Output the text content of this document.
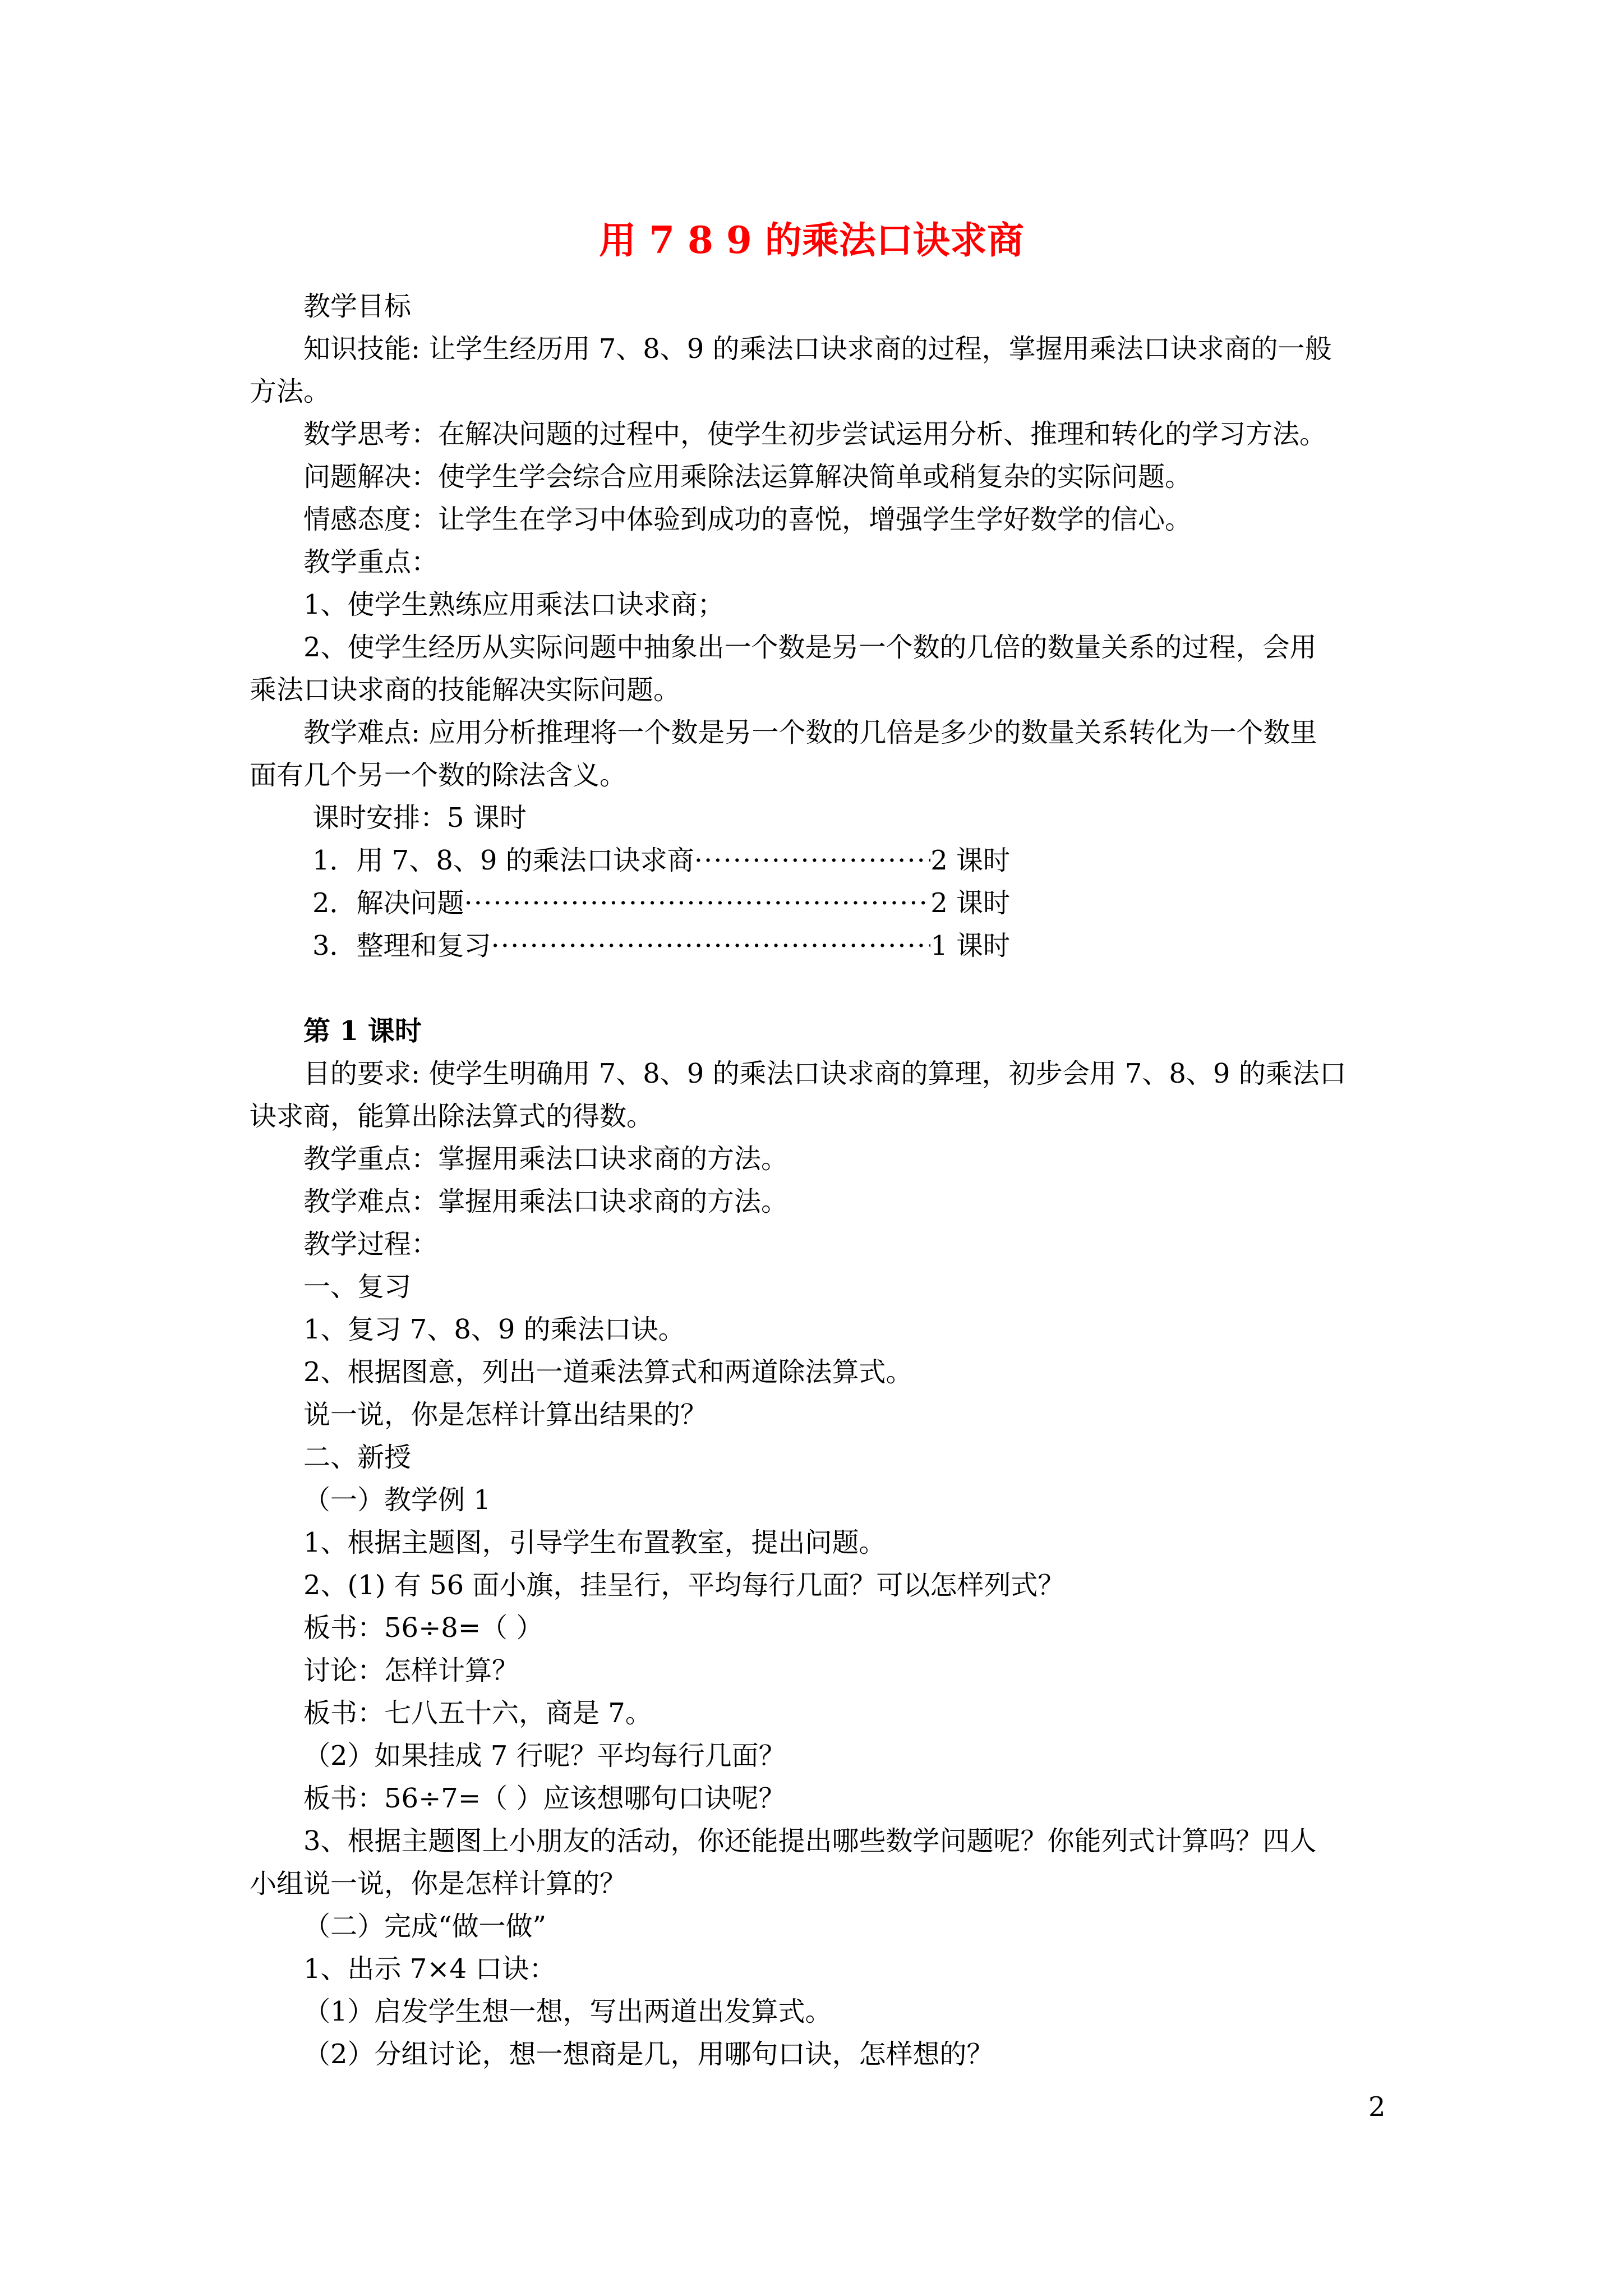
用 7 8 9 的乘法口诀求商
教学目标
知识技能: 让学生经历用 7、8、9 的乘法口诀求商的过程，掌握用乘法口诀求商的一般
方法。
数学思考：在解决问题的过程中，使学生初步尝试运用分析、推理和转化的学习方法。
问题解决：使学生学会综合应用乘除法运算解决简单或稍复杂的实际问题。
情感态度：让学生在学习中体验到成功的喜悦，增强学生学好数学的信心。
教学重点：
1、使学生熟练应用乘法口诀求商；
2、使学生经历从实际问题中抽象出一个数是另一个数的几倍的数量关系的过程，会用
乘法口诀求商的技能解决实际问题。
教学难点: 应用分析推理将一个数是另一个数的几倍是多少的数量关系转化为一个数里
面有几个另一个数的除法含义。
课时安排：5 课时
1．用 7、8、9 的乘法口诀求商 ·····	2 课时
2．解决问题 ·····	2 课时
3．整理和复习 ·····	1 课时
第 1 课时
目的要求: 使学生明确用 7、8、9 的乘法口诀求商的算理，初步会用 7、8、9 的乘法口
诀求商，能算出除法算式的得数。
教学重点：掌握用乘法口诀求商的方法。
教学难点：掌握用乘法口诀求商的方法。
教学过程：
一、复习
1、复习 7、8、9 的乘法口诀。
2、根据图意，列出一道乘法算式和两道除法算式。
说一说，你是怎样计算出结果的？
二、新授
（一）教学例 1
1、根据主题图，引导学生布置教室，提出问题。
2、(1) 有 56 面小旗，挂呈行，平均每行几面？可以怎样列式？
板书：56÷8=（ ）
讨论：怎样计算？
板书：七八五十六，商是 7。
（2）如果挂成 7 行呢？平均每行几面？
板书：56÷7=（ ）应该想哪句口诀呢？
3、根据主题图上小朋友的活动，你还能提出哪些数学问题呢？你能列式计算吗？四人
小组说一说，你是怎样计算的？
（二）完成“做一做”
1、出示 7×4 口诀：
（1）启发学生想一想，写出两道出发算式。
（2）分组讨论，想一想商是几，用哪句口诀，怎样想的？
2
